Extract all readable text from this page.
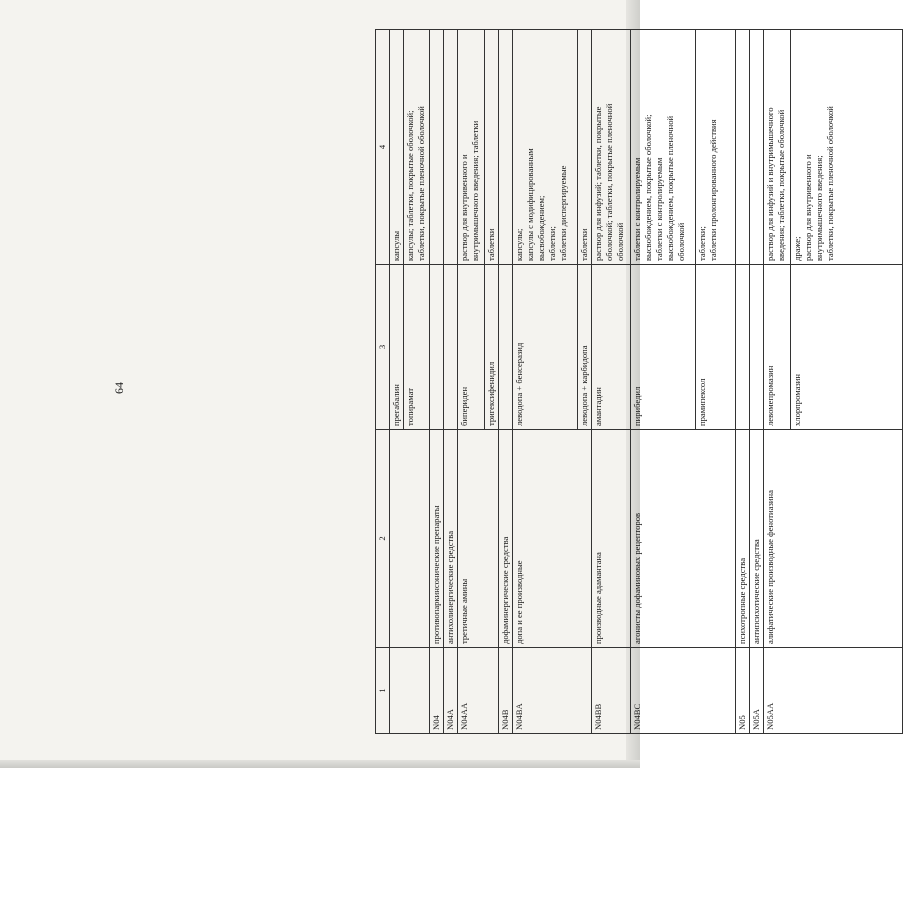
64
1	2	3	4
		прегабалин	капсулы

		топирамат	капсулы; таблетки, покрытые оболочкой; таблетки, покрытые пленочной оболочкой

N04	противопаркинсонические препараты		
N04A	антихолинергические средства		
N04AA	третичные амины	бипериден	раствор для внутривенного и внутримышечного введения; таблетки

		тригексифенидил	таблетки

N04B	дофаминергические средства		
N04BA	допа и ее производные	леводопа + бенсеразид	капсулы; капсулы с модифицированным высвобождением; таблетки; таблетки диспергируемые

		леводопа + карбидопа	таблетки

N04BB	производные адамантана	амантадин	раствор для инфузий; таблетки, покрытые оболочкой; таблетки, покрытые пленочной оболочкой

N04BC	агонисты дофаминовых рецепторов	пирибедил	таблетки с контролируемым высвобождением, покрытые оболочкой; таблетки с контролируемым высвобождением, покрытые пленочной оболочкой

		прамипексол	таблетки; таблетки пролонгированного действия

N05	психотропные средства		
N05A	антипсихотические средства		
N05AA	алифатические производные фенотиазина	левомепромазин	раствор для инфузий и внутримышечного введения; таблетки, покрытые оболочкой

		хлорпромазин	драже; раствор для внутривенного и внутримышечного введения; таблетки, покрытые пленочной оболочкой
